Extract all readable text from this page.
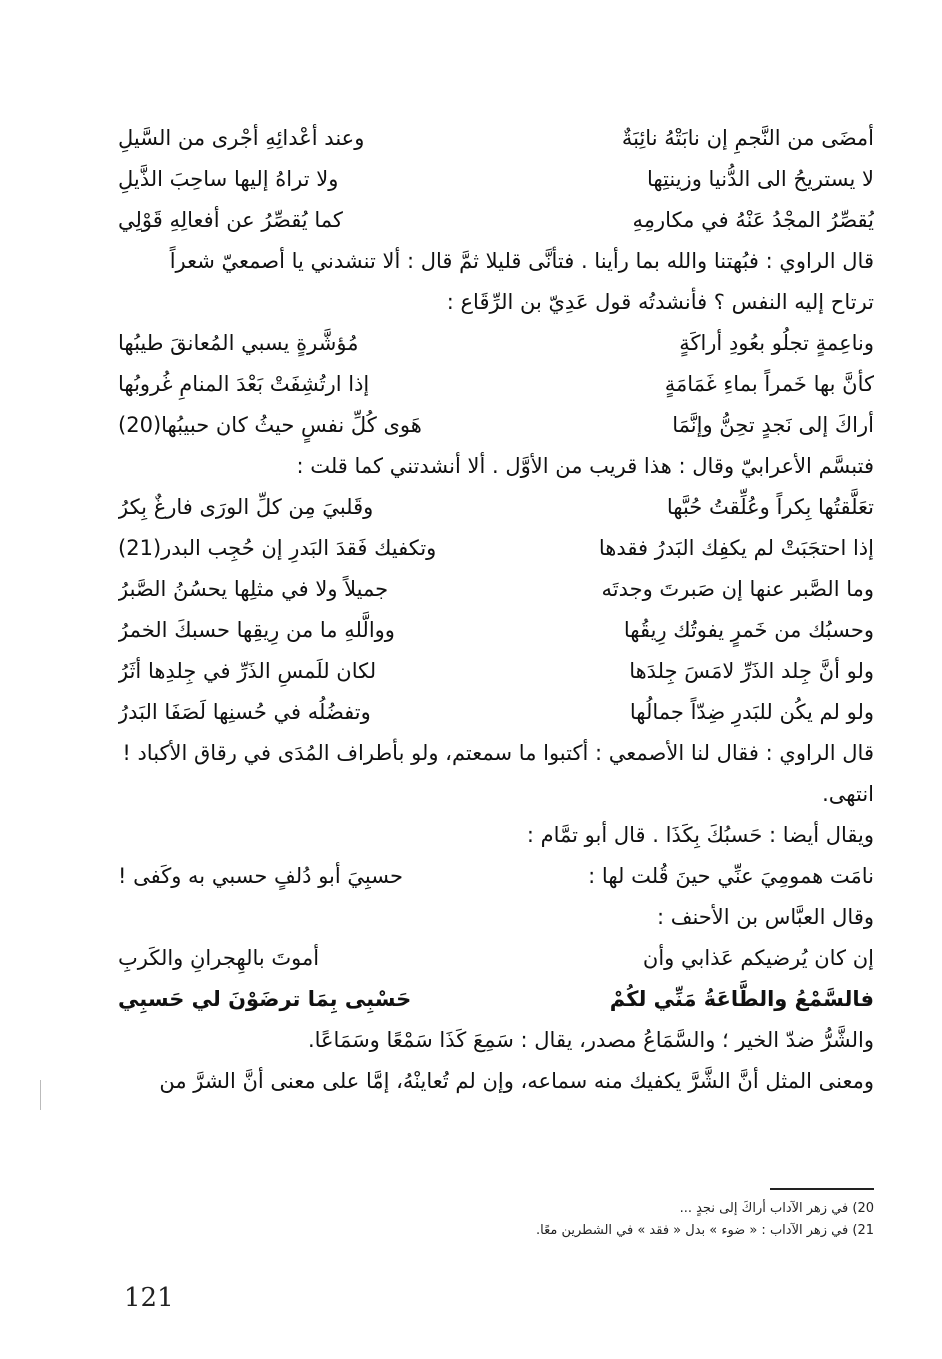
أمضَى من النَّجمِ إن نابَتْهُ نائِبَةٌ
وعند أعْدائِهِ أجْرى من السَّيلِ
لا يستريحُ الى الدُّنيا وزينتِها
ولا تراهُ إليها ساحِبَ الذَّيلِ
يُقصِّرُ المجْدُ عَنْهُ في مكارمِهِ
كما يُقصِّرُ عن أفعالِهِ قَوْلِي
قال الراوي : فبُهتنا والله بما رأينا . فتأنَّى قليلا ثمَّ قال : ألا تنشدني يا أصمعيّ شعراً
ترتاح إليه النفس ؟ فأنشدتُه قول عَدِيّ بن الرِّقَاع :
وناعِمةٍ تجلُو بعُودِ أراكَةٍ
مُؤشَّرةٍ يسبي المُعانقَ طيبُها
كأنَّ بها خَمراً بماءِ غَمَامَةٍ
إذا ارتُشِفَتْ بَعْدَ المنامِ غُروبُها
أراكَ إلى نَجدٍ تحِنُّ وإنَّمَا
هَوى كُلِّ نفسٍ حيثُ كان حبيبُها(20)
فتبسَّم الأعرابيّ وقال : هذا قريب من الأوَّل . ألا أنشدتني كما قلت :
تعَلَّقتُها بِكراً وعُلِّقتُ حُبَّها
وقَلبيَ مِن كلِّ الورَى فارغٌ بِكرُ
إذا احتجَبَتْ لم يكفِك البَدرُ فقدها
وتكفيك فَقدَ البَدرِ إن حُجِب البدر(21)
وما الصَّبر عنها إن صَبرتَ وجدتَه
جميلاً ولا في مثلِها يحسُنُ الصَّبرُ
وحسبُك من خَمرٍ يفوتُك رِيقُها
ووالَّلهِ ما من رِيقِها حسبكَ الخمرُ
ولو أنَّ جِلد الذَرِّ لامَسَ جِلدَها
لكان للَمسِ الذَرِّ في جِلدِها أثَرُ
ولو لم يكُن للبَدرِ ضِدّاً جمالُها
وتفضُلُه في حُسنِها لَصَفَا البَدرُ
قال الراوي : فقال لنا الأصمعي : أكتبوا ما سمعتم، ولو بأطراف المُدَى في رقاق الأكباد !
انتهى.
ويقال أيضا : حَسبُكَ بِكَذَا . قال أبو تمَّام :
نامَت همومِيَ عنِّي حينَ قُلت لها :
حسبِيَ أبو دُلفٍ حسبي به وكَفى !
وقال العبَّاس بن الأحنف :
إن كان يُرضيكم عَذابي وأن
أموتَ بالهِجرانِ والكَربِ
فالسَّمْعُ والطَّاعَةُ مَنِّي لكُمْ
حَسْبِى بِمَا ترضَوْنَ لي حَسبِي
والشَّرُّ ضدّ الخير ؛ والسَّمَاعُ مصدر، يقال : سَمِعَ كَذَا سَمْعًا وسَمَاعًا.
ومعنى المثل أنَّ الشَّرَّ يكفيك منه سماعه، وإن لم تُعاينْهُ، إمَّا على معنى أنَّ الشرَّ من
20) في زهر الآداب أراكَ إلى نجدٍ ...
21) في زهر الآداب : « ضوء » بدل « فقد » في الشطرين معًا.
121
